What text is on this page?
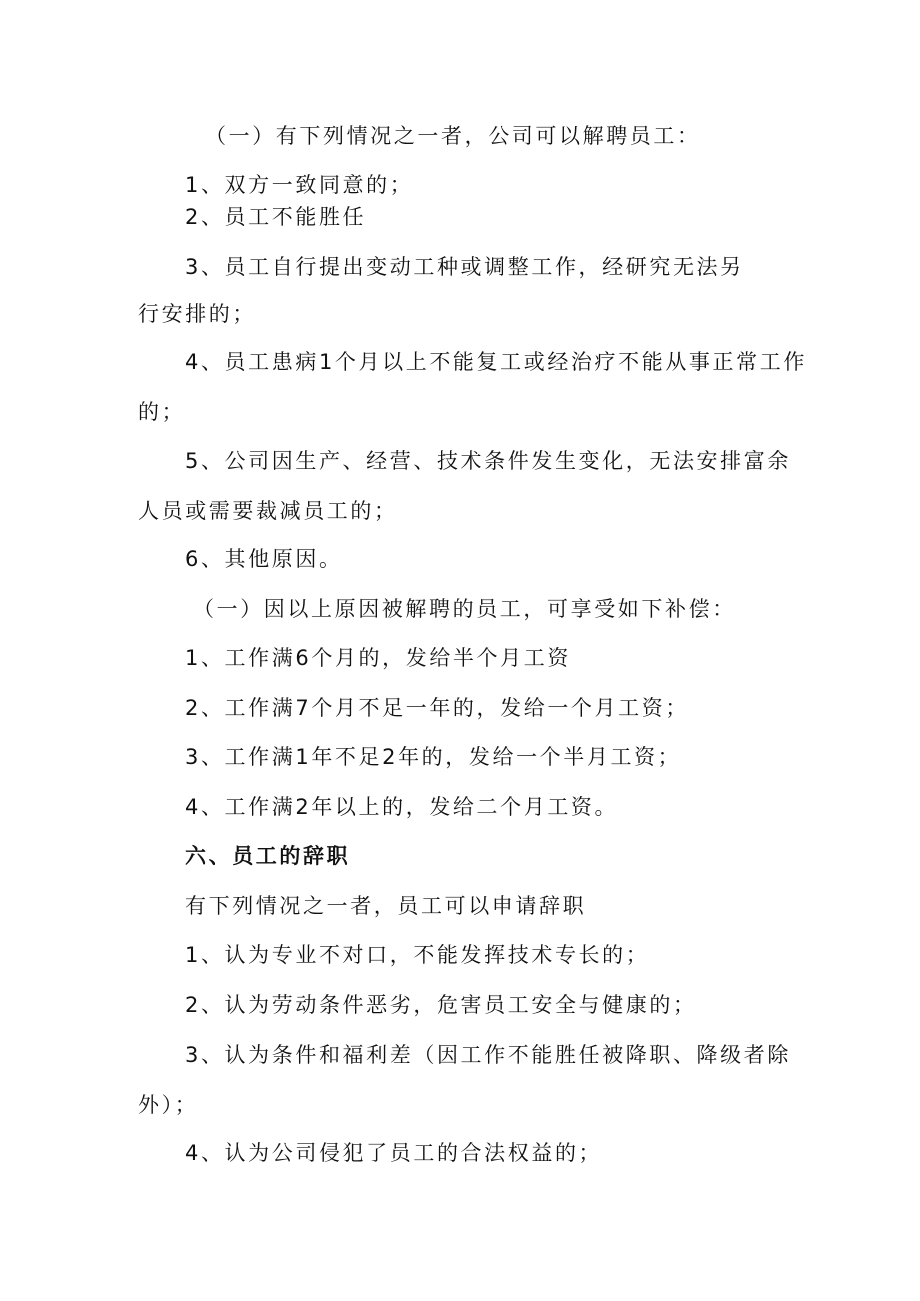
（一）有下列情况之一者，公司可以解聘员工：
1、双方一致同意的；
2、员工不能胜任
3、员工自行提出变动工种或调整工作，经研究无法另
行安排的；
4、员工患病1个月以上不能复工或经治疗不能从事正常工作
的；
5、公司因生产、经营、技术条件发生变化，无法安排富余
人员或需要裁减员工的；
6、其他原因。
（一）因以上原因被解聘的员工，可享受如下补偿：
1、工作满6个月的，发给半个月工资
2、工作满7个月不足一年的，发给一个月工资；
3、工作满1年不足2年的，发给一个半月工资；
4、工作满2年以上的，发给二个月工资。
六、员工的辞职
有下列情况之一者，员工可以申请辞职
1、认为专业不对口，不能发挥技术专长的；
2、认为劳动条件恶劣，危害员工安全与健康的；
3、认为条件和福利差（因工作不能胜任被降职、降级者除
外）；
4、认为公司侵犯了员工的合法权益的；
